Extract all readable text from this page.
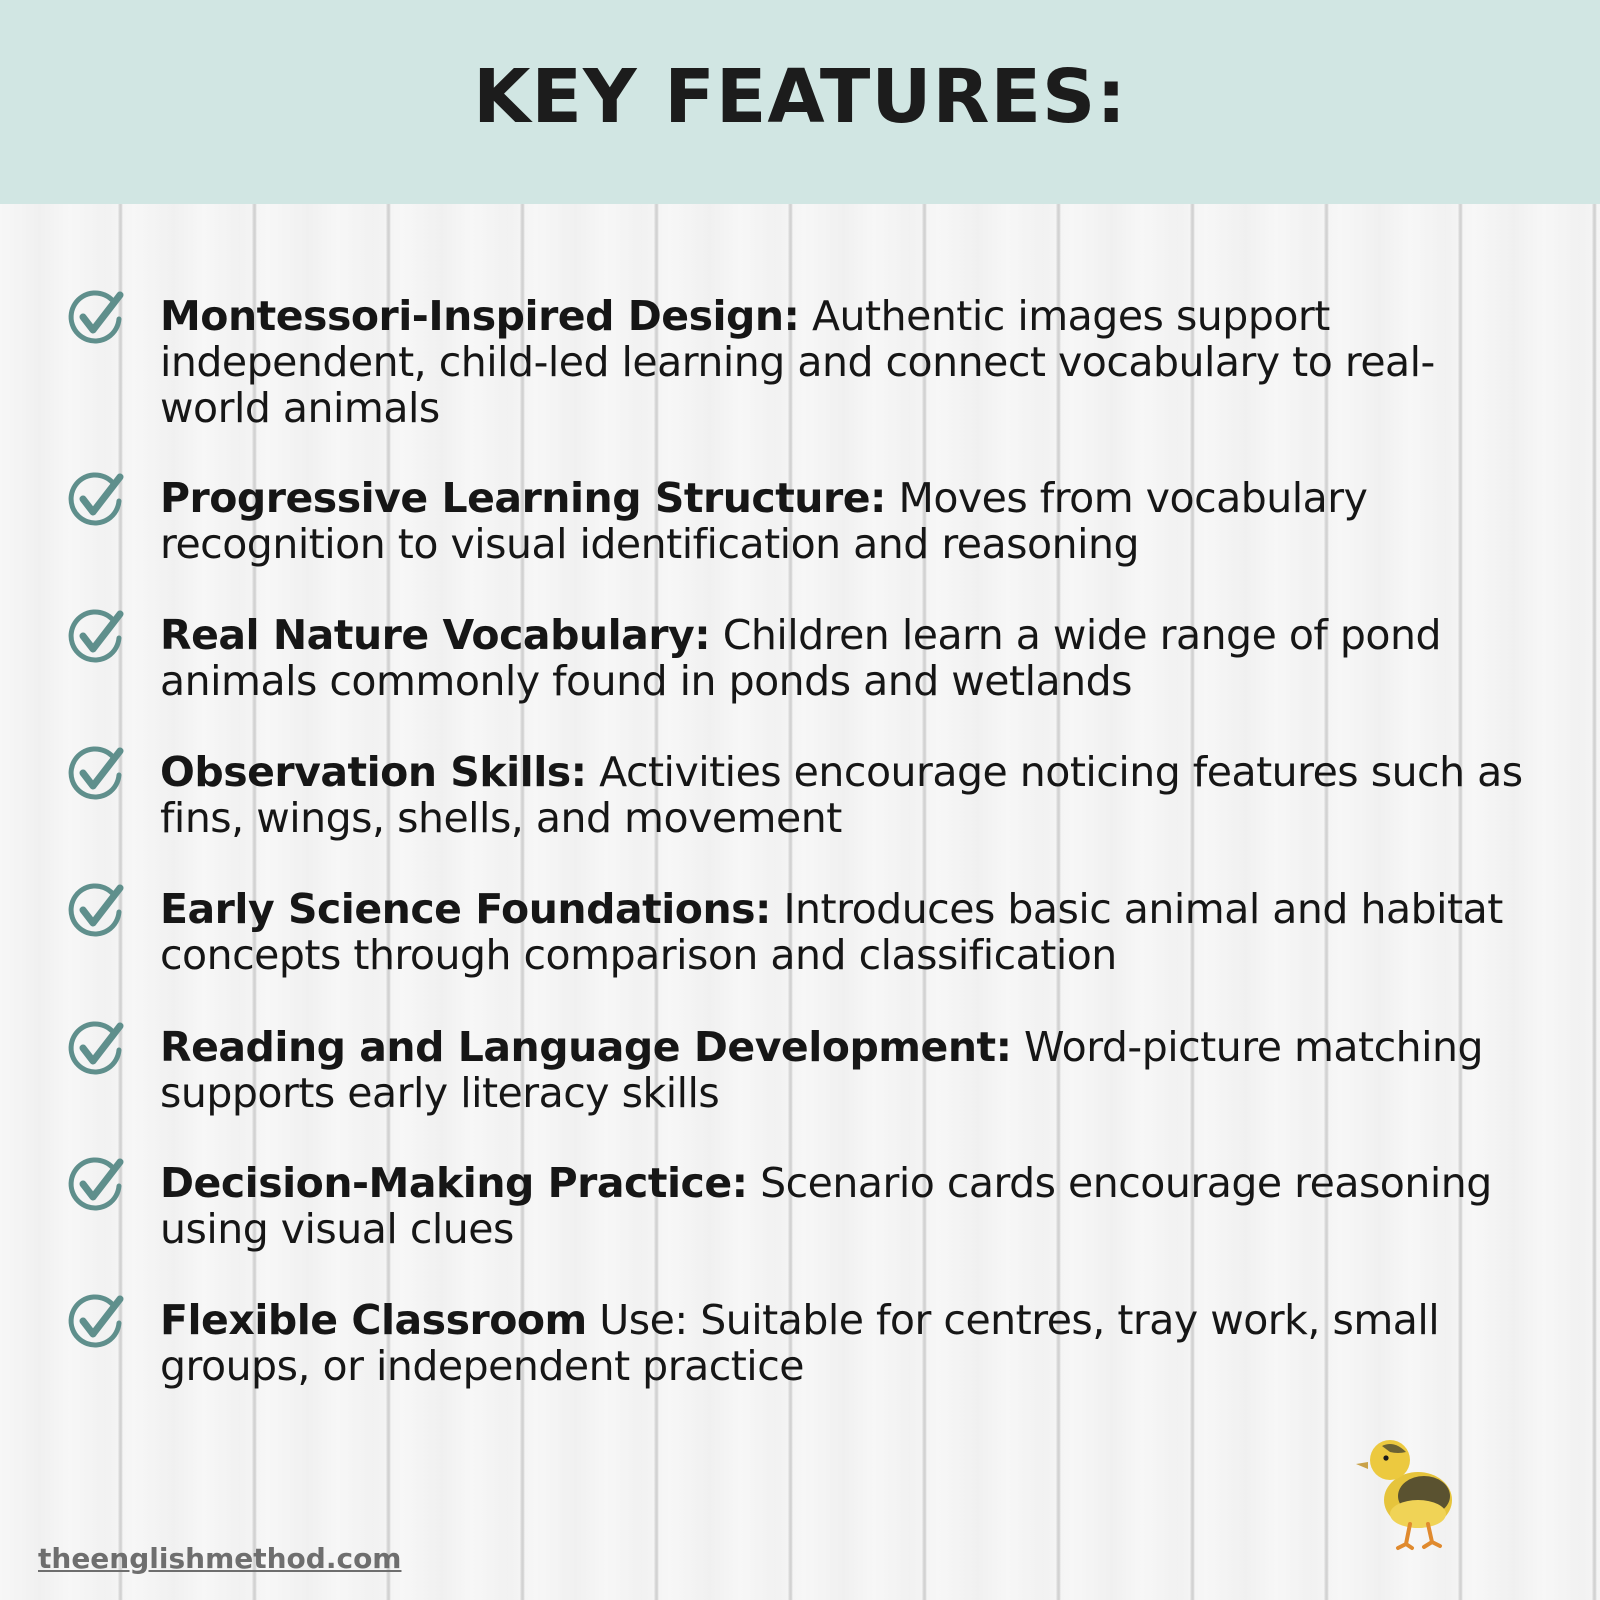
KEY FEATURES:
Montessori-Inspired Design: Authentic images support independent, child-led learning and connect vocabulary to real-world animals
Progressive Learning Structure: Moves from vocabulary recognition to visual identification and reasoning
Real Nature Vocabulary: Children learn a wide range of pond animals commonly found in ponds and wetlands
Observation Skills: Activities encourage noticing features such as fins, wings, shells, and movement
Early Science Foundations: Introduces basic animal and habitat concepts through comparison and classification
Reading and Language Development: Word-picture matching supports early literacy skills
Decision-Making Practice: Scenario cards encourage reasoning using visual clues
Flexible Classroom Use: Suitable for centres, tray work, small groups, or independent practice
theenglishmethod.com
